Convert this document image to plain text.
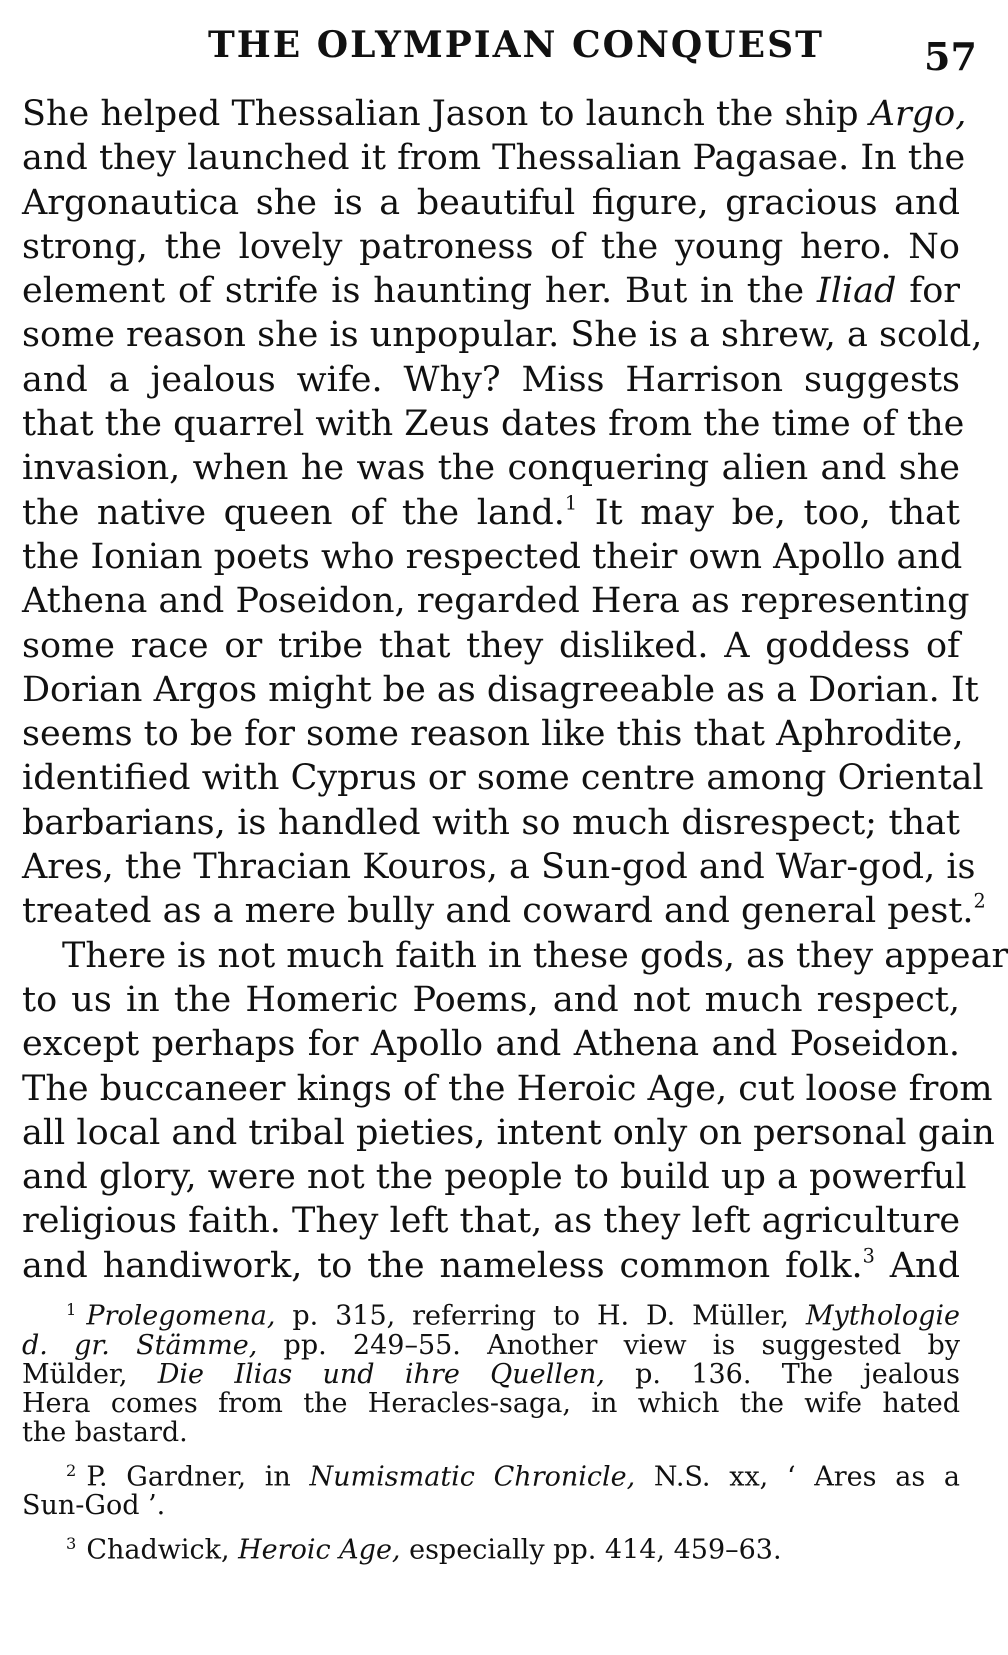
THE OLYMPIAN CONQUEST	57
She helped Thessalian Jason to launch the ship Argo,
and they launched it from Thessalian Pagasae. In the
Argonautica she is a beautiful figure, gracious and
strong, the lovely patroness of the young hero. No
element of strife is haunting her. But in the Iliad for
some reason she is unpopular. She is a shrew, a scold,
and a jealous wife. Why? Miss Harrison suggests
that the quarrel with Zeus dates from the time of the
invasion, when he was the conquering alien and she
the native queen of the land.$^1$ It may be, too, that
the Ionian poets who respected their own Apollo and
Athena and Poseidon, regarded Hera as representing
some race or tribe that they disliked. A goddess of
Dorian Argos might be as disagreeable as a Dorian. It
seems to be for some reason like this that Aphrodite,
identified with Cyprus or some centre among Oriental
barbarians, is handled with so much disrespect; that
Ares, the Thracian Kouros, a Sun-god and War-god, is
treated as a mere bully and coward and general pest.$^2$
There is not much faith in these gods, as they appear
to us in the Homeric Poems, and not much respect,
except perhaps for Apollo and Athena and Poseidon.
The buccaneer kings of the Heroic Age, cut loose from
all local and tribal pieties, intent only on personal gain
and glory, were not the people to build up a powerful
religious faith. They left that, as they left agriculture
and handiwork, to the nameless common folk.$^3$ And
$^1$ Prolegomena, p. 315, referring to H. D. Müller, Mythologie
d. gr. Stämme, pp. 249–55. Another view is suggested by
Mülder, Die Ilias und ihre Quellen, p. 136. The jealous
Hera comes from the Heracles-saga, in which the wife hated
the bastard.
$^2$ P. Gardner, in Numismatic Chronicle, N.S. xx, ‘ Ares as a
Sun-God ’.
$^3$ Chadwick, Heroic Age, especially pp. 414, 459–63.
